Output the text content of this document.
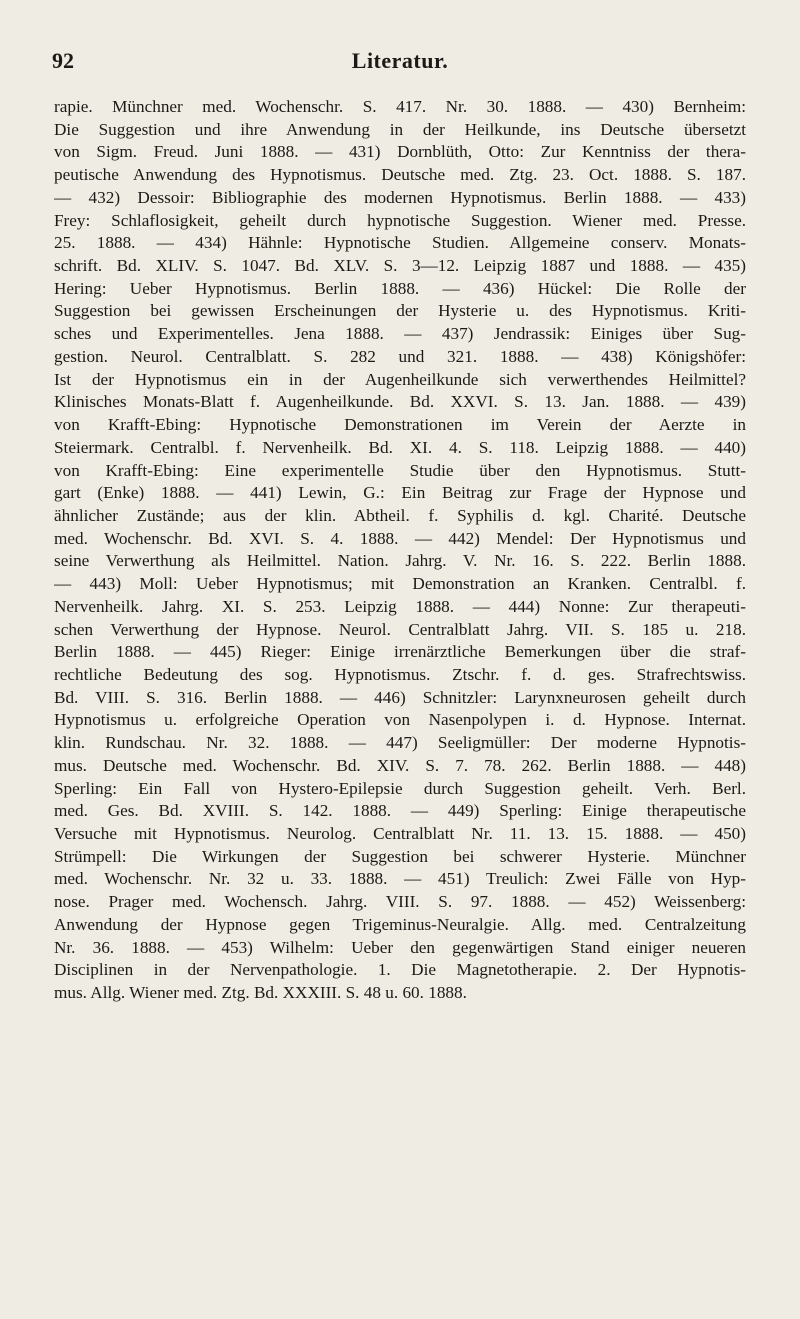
92	Literatur.
rapie. Münchner med. Wochenschr. S. 417. Nr. 30. 1888. — 430) Bernheim:
Die Suggestion und ihre Anwendung in der Heilkunde, ins Deutsche übersetzt
von Sigm. Freud. Juni 1888. — 431) Dornblüth, Otto: Zur Kenntniss der thera-
peutische Anwendung des Hypnotismus. Deutsche med. Ztg. 23. Oct. 1888. S. 187.
— 432) Dessoir: Bibliographie des modernen Hypnotismus. Berlin 1888. — 433)
Frey: Schlaflosigkeit, geheilt durch hypnotische Suggestion. Wiener med. Presse.
25. 1888. — 434) Hähnle: Hypnotische Studien. Allgemeine conserv. Monats-
schrift. Bd. XLIV. S. 1047. Bd. XLV. S. 3—12. Leipzig 1887 und 1888. — 435)
Hering: Ueber Hypnotismus. Berlin 1888. — 436) Hückel: Die Rolle der
Suggestion bei gewissen Erscheinungen der Hysterie u. des Hypnotismus. Kriti-
sches und Experimentelles. Jena 1888. — 437) Jendrassik: Einiges über Sug-
gestion. Neurol. Centralblatt. S. 282 und 321. 1888. — 438) Königshöfer:
Ist der Hypnotismus ein in der Augenheilkunde sich verwerthendes Heilmittel?
Klinisches Monats-Blatt f. Augenheilkunde. Bd. XXVI. S. 13. Jan. 1888. — 439)
von Krafft-Ebing: Hypnotische Demonstrationen im Verein der Aerzte in
Steiermark. Centralbl. f. Nervenheilk. Bd. XI. 4. S. 118. Leipzig 1888. — 440)
von Krafft-Ebing: Eine experimentelle Studie über den Hypnotismus. Stutt-
gart (Enke) 1888. — 441) Lewin, G.: Ein Beitrag zur Frage der Hypnose und
ähnlicher Zustände; aus der klin. Abtheil. f. Syphilis d. kgl. Charité. Deutsche
med. Wochenschr. Bd. XVI. S. 4. 1888. — 442) Mendel: Der Hypnotismus und
seine Verwerthung als Heilmittel. Nation. Jahrg. V. Nr. 16. S. 222. Berlin 1888.
— 443) Moll: Ueber Hypnotismus; mit Demonstration an Kranken. Centralbl. f.
Nervenheilk. Jahrg. XI. S. 253. Leipzig 1888. — 444) Nonne: Zur therapeuti-
schen Verwerthung der Hypnose. Neurol. Centralblatt Jahrg. VII. S. 185 u. 218.
Berlin 1888. — 445) Rieger: Einige irrenärztliche Bemerkungen über die straf-
rechtliche Bedeutung des sog. Hypnotismus. Ztschr. f. d. ges. Strafrechtswiss.
Bd. VIII. S. 316. Berlin 1888. — 446) Schnitzler: Larynxneurosen geheilt durch
Hypnotismus u. erfolgreiche Operation von Nasenpolypen i. d. Hypnose. Internat.
klin. Rundschau. Nr. 32. 1888. — 447) Seeligmüller: Der moderne Hypnotis-
mus. Deutsche med. Wochenschr. Bd. XIV. S. 7. 78. 262. Berlin 1888. — 448)
Sperling: Ein Fall von Hystero-Epilepsie durch Suggestion geheilt. Verh. Berl.
med. Ges. Bd. XVIII. S. 142. 1888. — 449) Sperling: Einige therapeutische
Versuche mit Hypnotismus. Neurolog. Centralblatt Nr. 11. 13. 15. 1888. — 450)
Strümpell: Die Wirkungen der Suggestion bei schwerer Hysterie. Münchner
med. Wochenschr. Nr. 32 u. 33. 1888. — 451) Treulich: Zwei Fälle von Hyp-
nose. Prager med. Wochensch. Jahrg. VIII. S. 97. 1888. — 452) Weissenberg:
Anwendung der Hypnose gegen Trigeminus-Neuralgie. Allg. med. Centralzeitung
Nr. 36. 1888. — 453) Wilhelm: Ueber den gegenwärtigen Stand einiger neueren
Disciplinen in der Nervenpathologie. 1. Die Magnetotherapie. 2. Der Hypnotis-
mus. Allg. Wiener med. Ztg. Bd. XXXIII. S. 48 u. 60. 1888.
